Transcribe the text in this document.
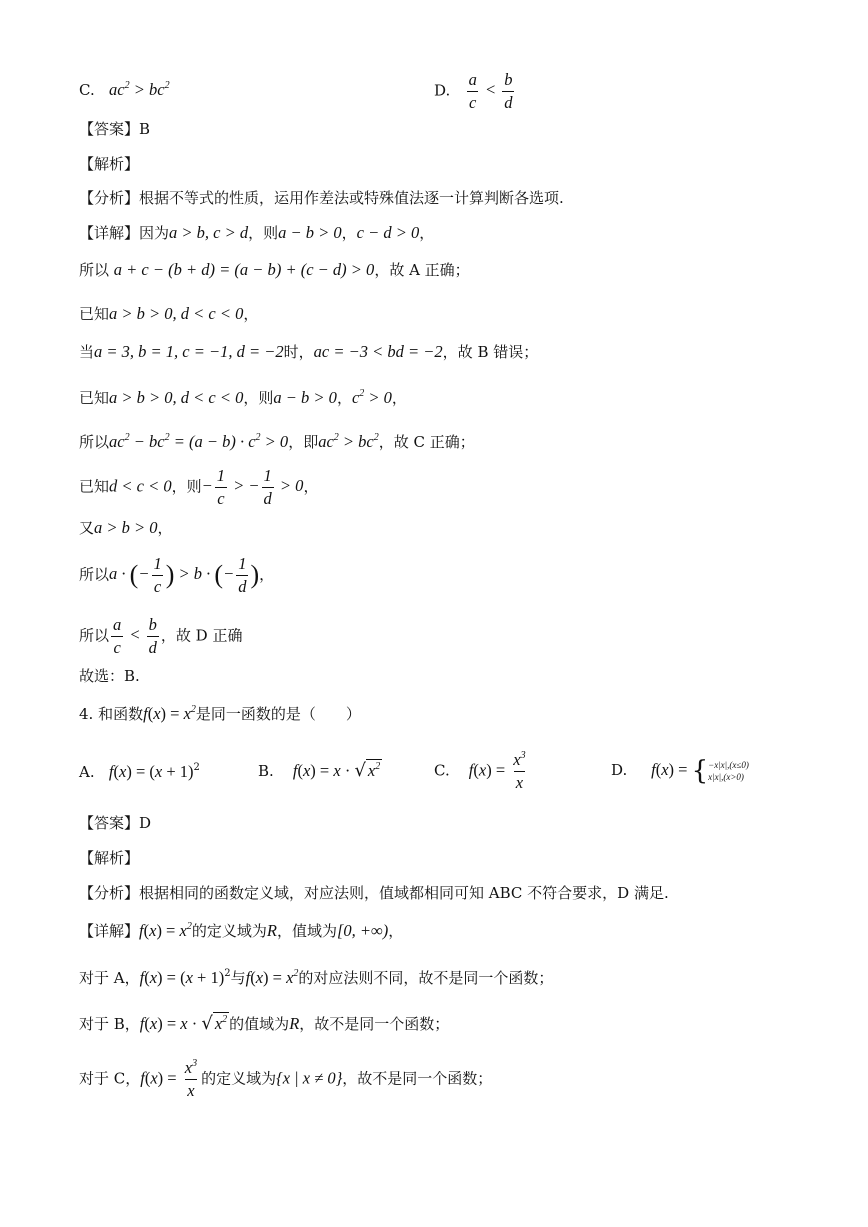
C. $ac^2 > bc^2$	D. $\frac{a}{c} < \frac{b}{d}$
【答案】B
【解析】
【分析】根据不等式的性质，运用作差法或特殊值法逐一计算判断各选项.
【详解】因为a > b, c > d，则a − b > 0，c − d > 0，
所以 a + c − (b + d) = (a − b) + (c − d) > 0，故 A 正确；
已知a > b > 0, d < c < 0，
当a = 3, b = 1, c = −1, d = −2时，ac = −3 < bd = −2，故 B 错误；
已知a > b > 0, d < c < 0，则a − b > 0，$c^2 > 0$，
所以$ac^2 - bc^2 = (a - b) \cdot c^2 > 0$，即$ac^2 > bc^2$，故 C 正确；
已知d < c < 0，则− $\frac{1}{c}$ > − $\frac{1}{d} > 0$，
又a > b > 0，
所以a · (− $\frac{1}{c}$ ) > b · (− $\frac{1}{d}$ )，
所以 $\frac{a}{c} < \frac{b}{d}$ ，故 D 正确
故选：B.
4. 和函数$f(x) = x^2$是同一函数的是（　　）
A. $f(x) = (x + 1)^2$	B. f(x) = x · √ $x^2$	C. $f(x) = \frac{x^3}{x}$	D. f(x) = { −x|x|,(x≤0)
x|x|,(x>0)
【答案】D
【解析】
【分析】根据相同的函数定义域，对应法则，值域都相同可知 ABC 不符合要求，D 满足.
【详解】$f(x) = x^2$的定义域为R，值域为[0, +∞)，
对于 A，$f(x) = (x + 1)^2$与$f(x) = x^2$的对应法则不同，故不是同一个函数；
对于 B，f(x) = x · √ $x^2$ 的值域为R，故不是同一个函数；
对于 C，$f(x) = \frac{x^3}{x}$ 的定义域为{x | x ≠ 0}，故不是同一个函数；
